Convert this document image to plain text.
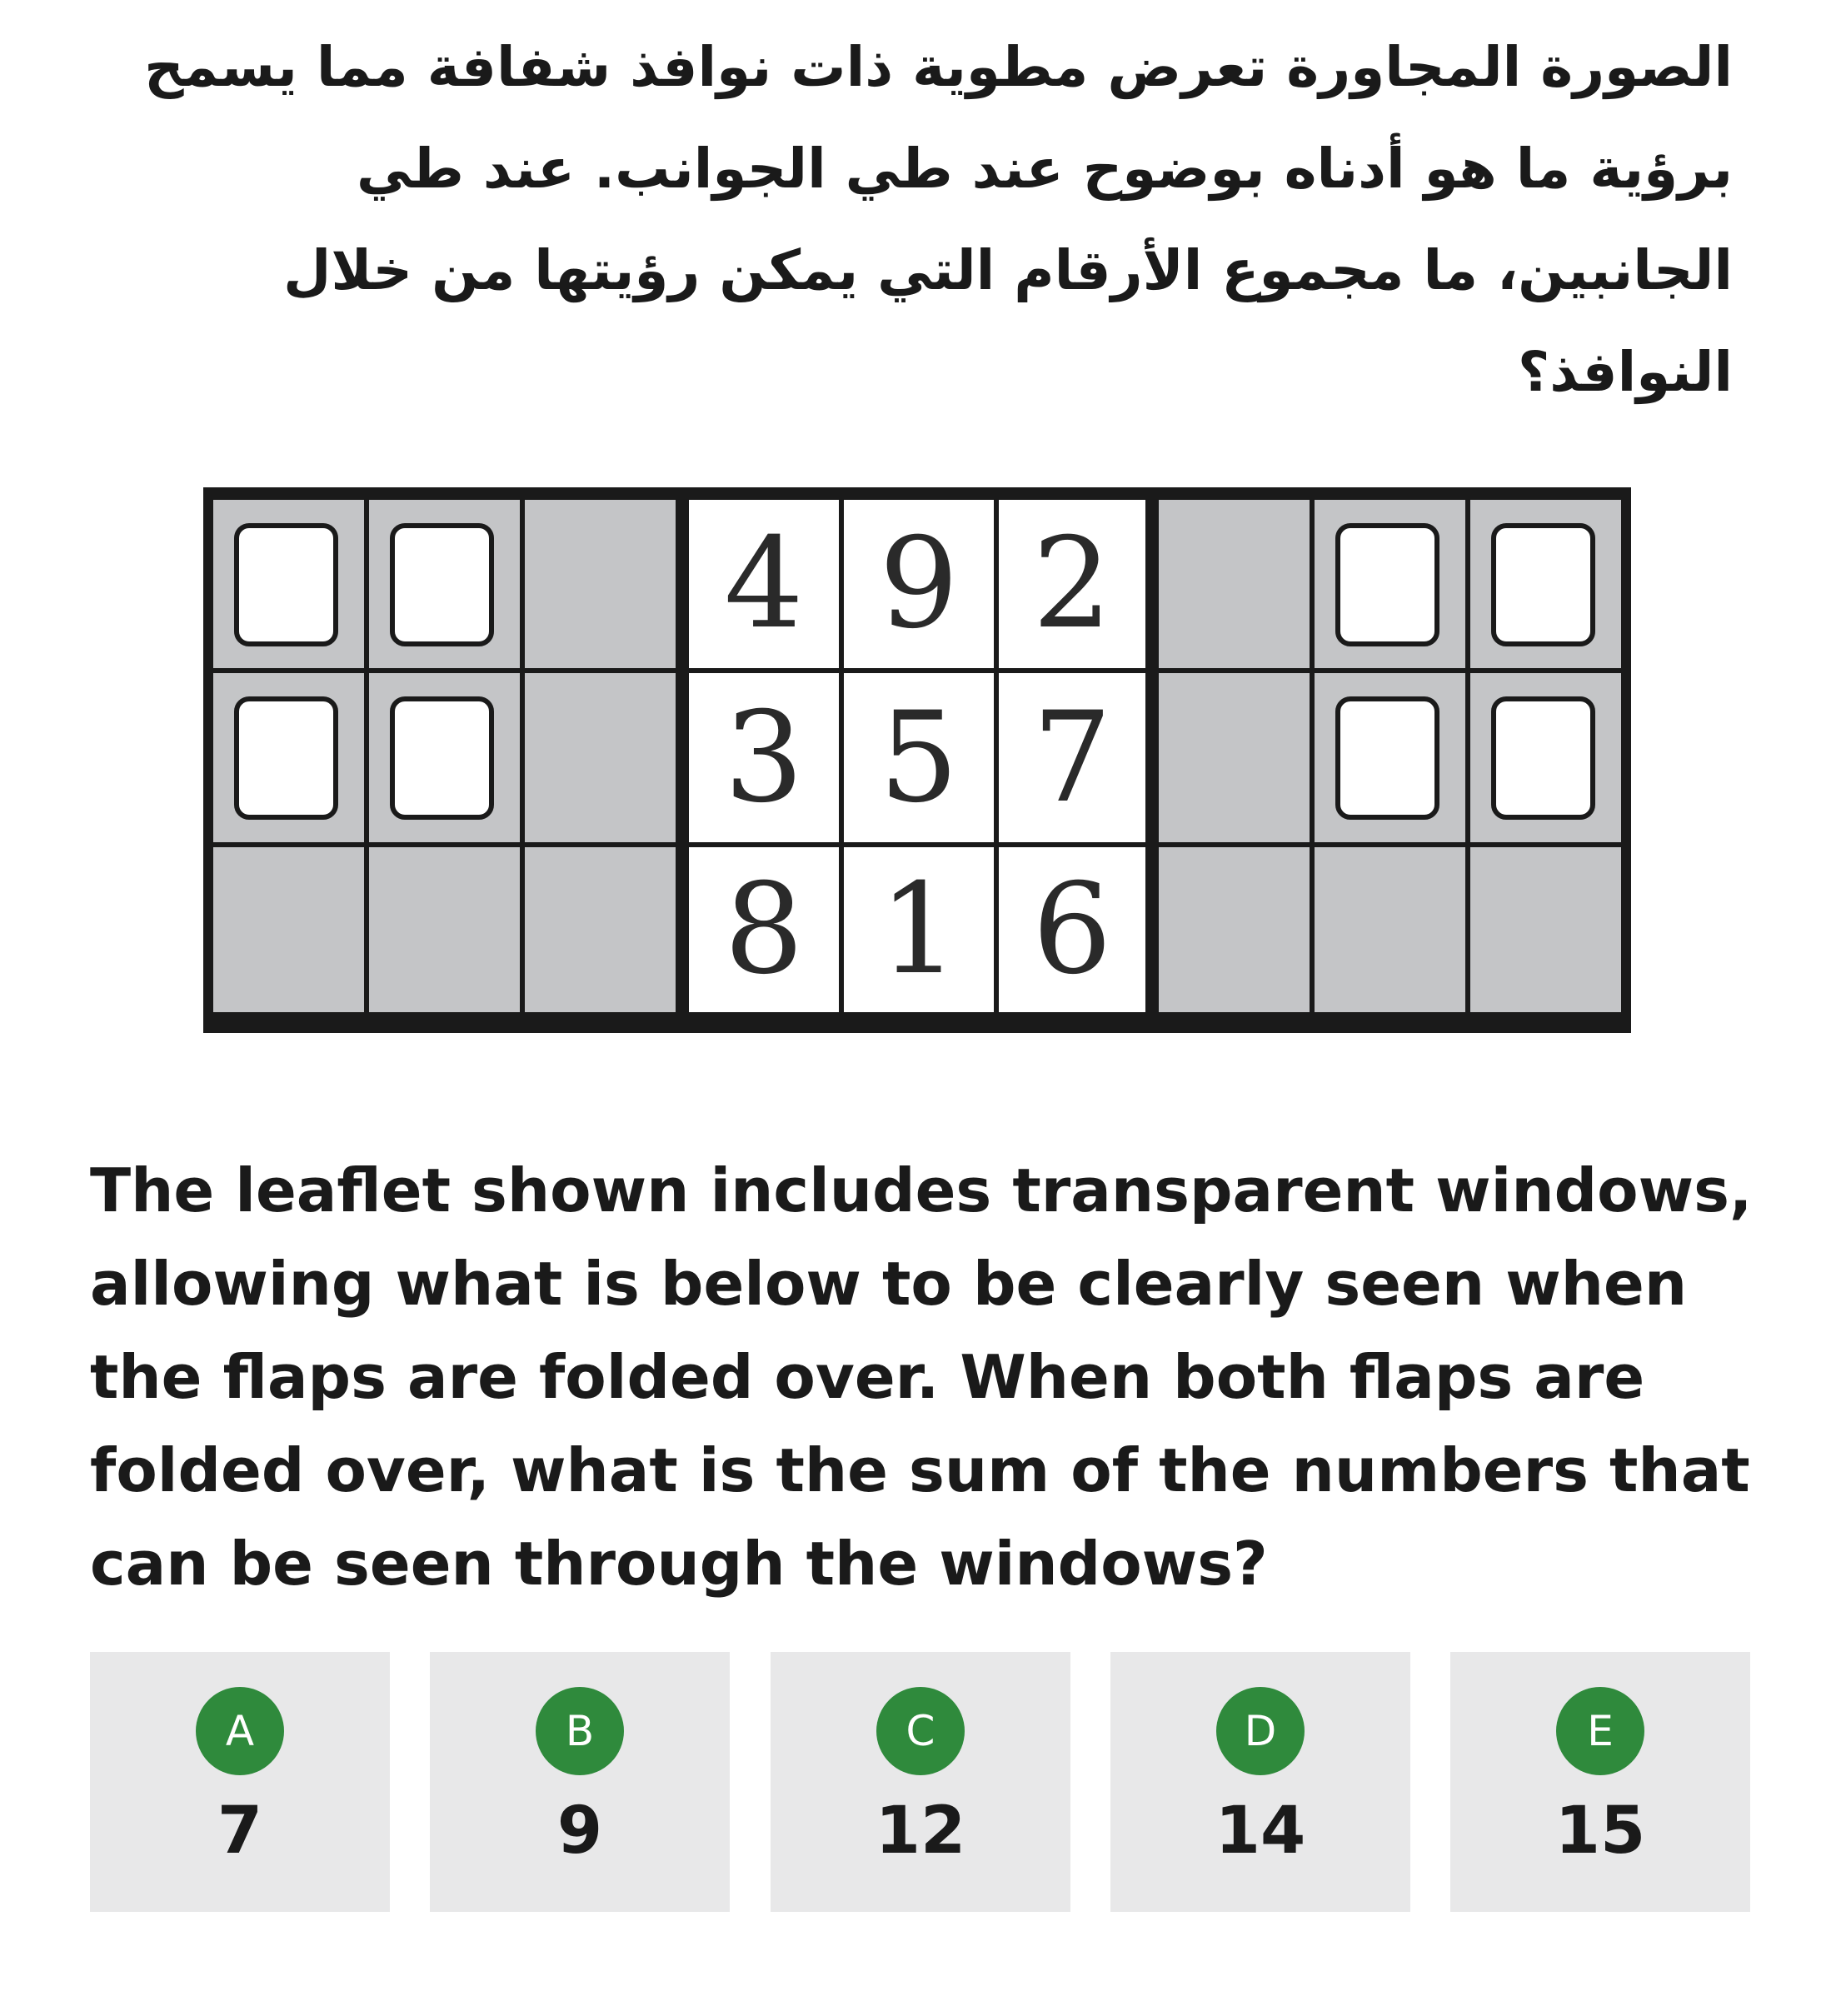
الصورة المجاورة تعرض مطوية ذات نوافذ شفافة مما يسمح برؤية ما هو أدناه بوضوح عند طي الجوانب. عند طي الجانبين، ما مجموع الأرقام التي يمكن رؤيتها من خلال النوافذ؟

4 9 2
3 5 7
8 1 6

The leaflet shown includes transparent windows, allowing what is below to be clearly seen when the flaps are folded over. When both flaps are folded over, what is the sum of the numbers that can be seen through the windows?

A
7
B
9
C
12
D
14
E
15
